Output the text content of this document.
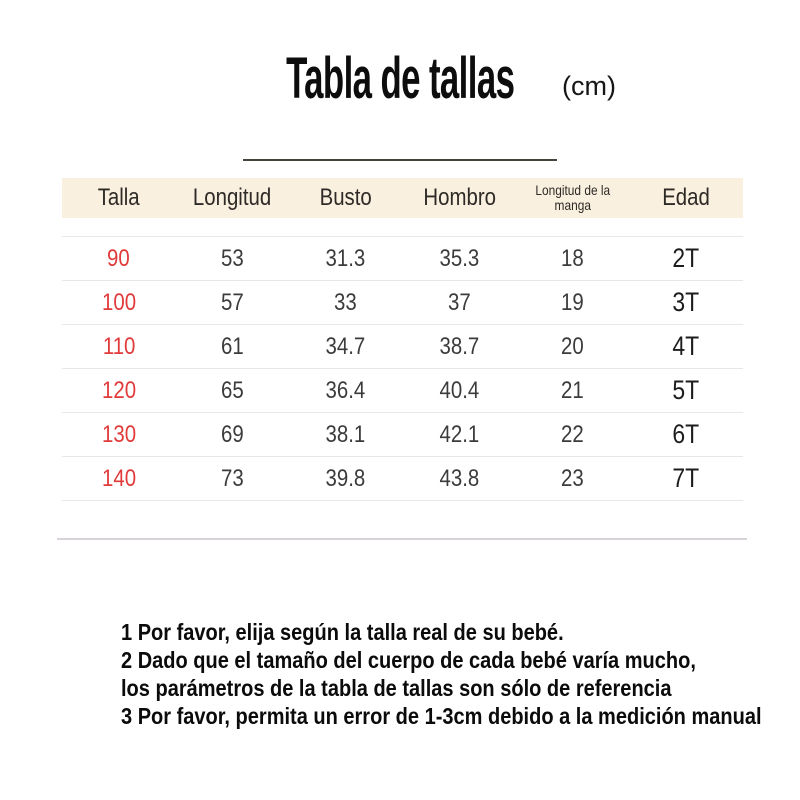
Tabla de tallas	(cm)
Talla	Longitud	Busto	Hombro	Longitud de la manga	Edad
90	53	31.3	35.3	18	2T
100	57	33	37	19	3T
110	61	34.7	38.7	20	4T
120	65	36.4	40.4	21	5T
130	69	38.1	42.1	22	6T
140	73	39.8	43.8	23	7T
1 Por favor, elija según la talla real de su bebé.
2 Dado que el tamaño del cuerpo de cada bebé varía mucho,
los parámetros de la tabla de tallas son sólo de referencia
3 Por favor, permita un error de 1-3cm debido a la medición manual
